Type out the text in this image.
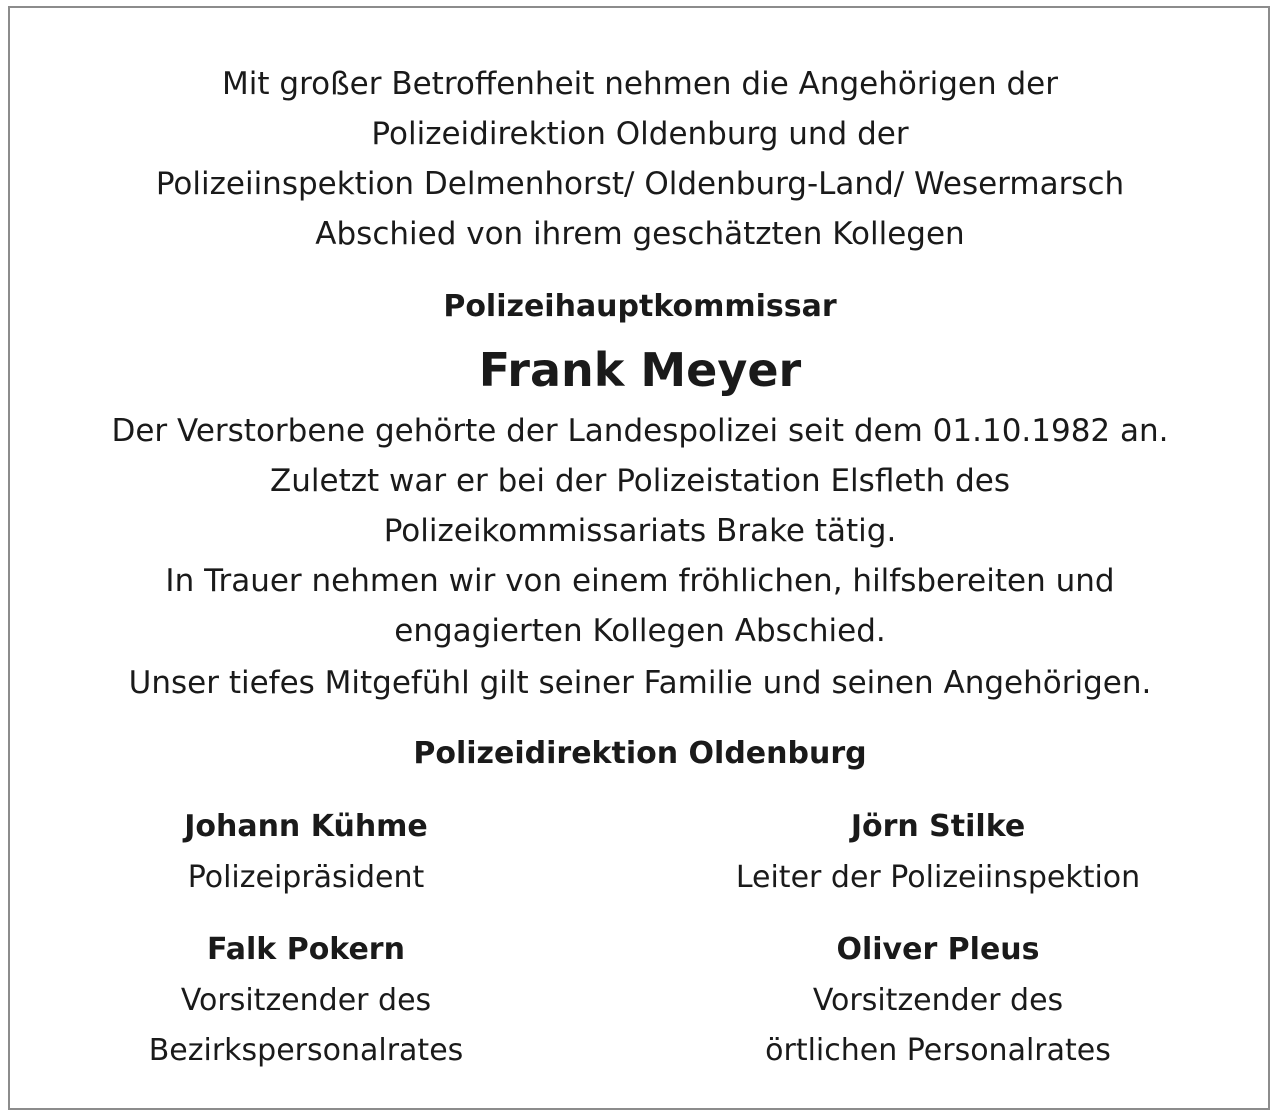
Mit großer Betroffenheit nehmen die Angehörigen der
Polizeidirektion Oldenburg und der
Polizeiinspektion Delmenhorst/ Oldenburg-Land/ Wesermarsch
Abschied von ihrem geschätzten Kollegen
Polizeihauptkommissar
Frank Meyer
Der Verstorbene gehörte der Landespolizei seit dem 01.10.1982 an.
Zuletzt war er bei der Polizeistation Elsfleth des
Polizeikommissariats Brake tätig.
In Trauer nehmen wir von einem fröhlichen, hilfsbereiten und
engagierten Kollegen Abschied.
Unser tiefes Mitgefühl gilt seiner Familie und seinen Angehörigen.
Polizeidirektion Oldenburg
Johann Kühme
Polizeipräsident
Jörn Stilke
Leiter der Polizeiinspektion
Falk Pokern
Vorsitzender des
Bezirkspersonalrates
Oliver Pleus
Vorsitzender des
örtlichen Personalrates
